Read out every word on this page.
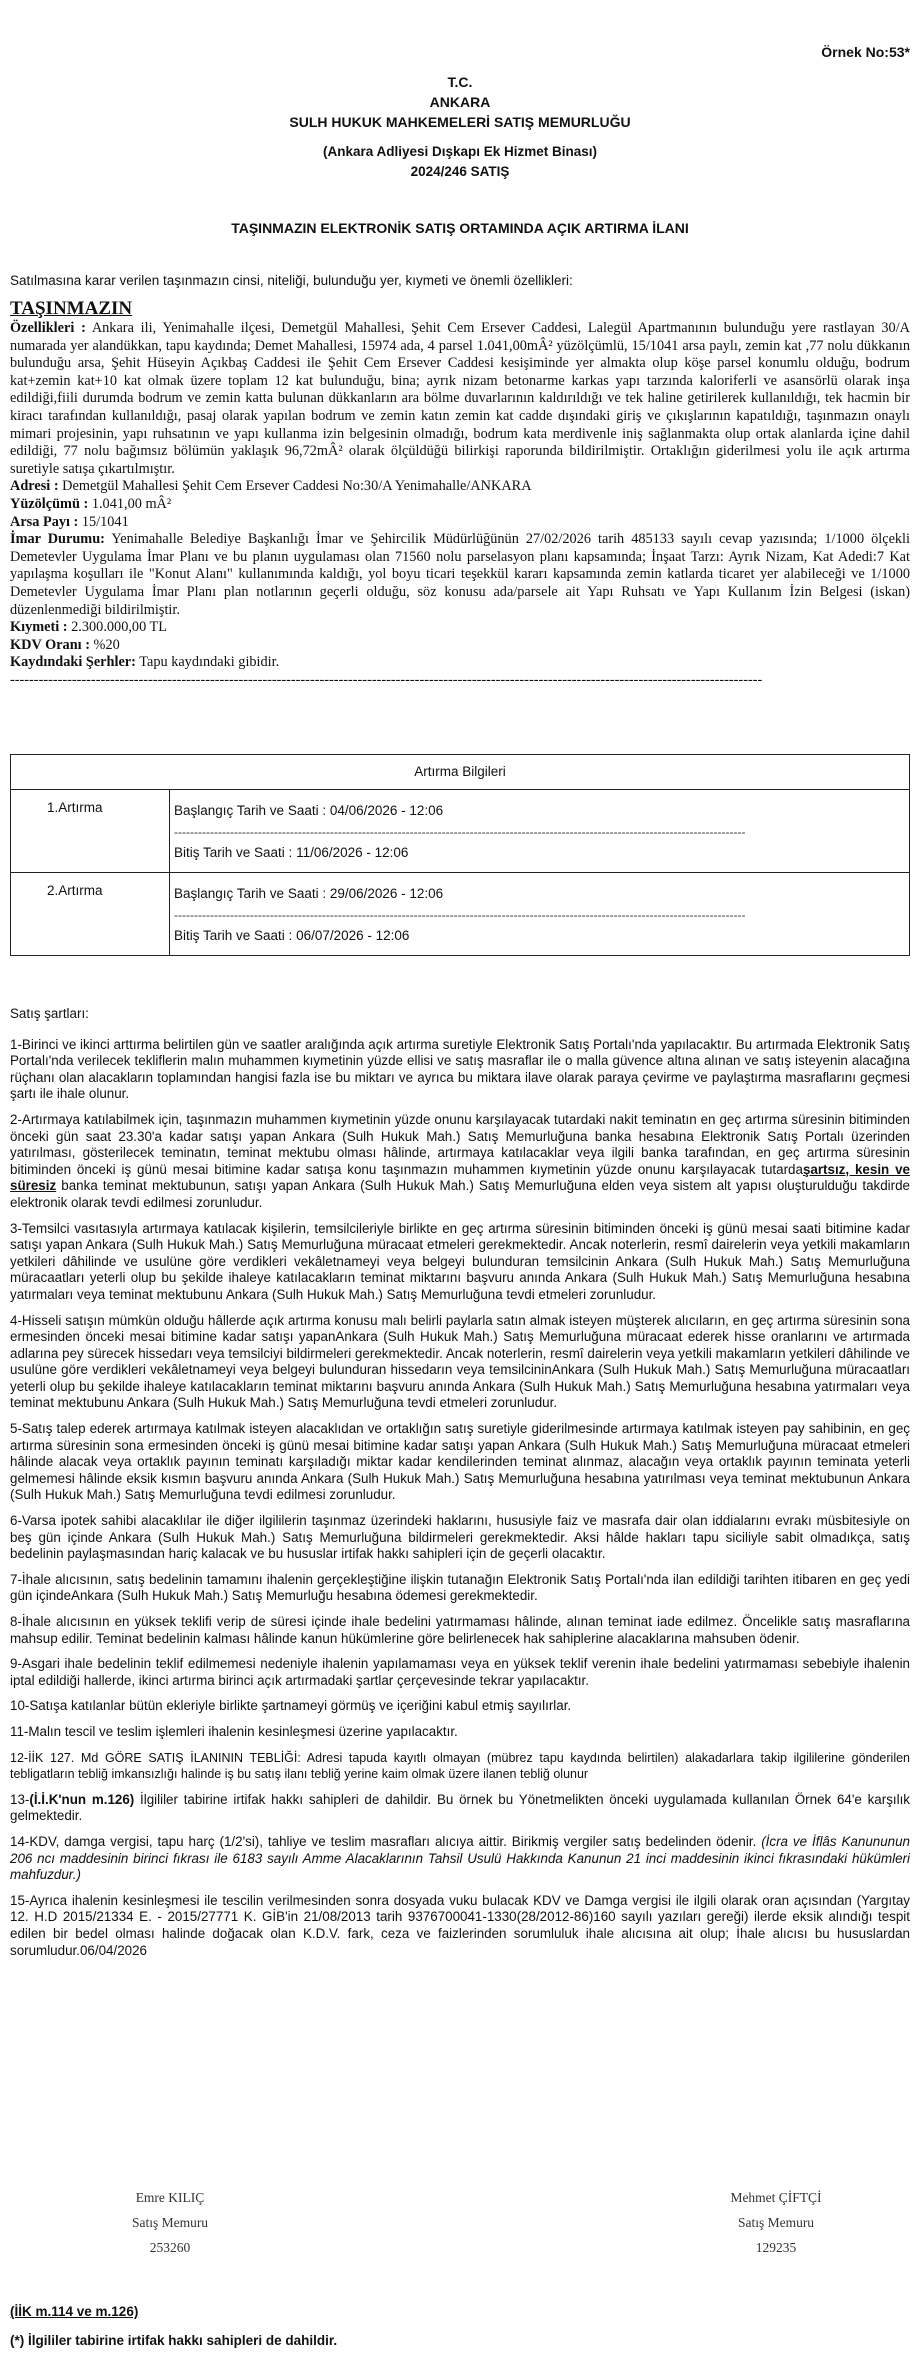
Örnek No:53*
T.C.
ANKARA
SULH HUKUK MAHKEMELERİ SATIŞ MEMURLUĞU
(Ankara Adliyesi Dışkapı Ek Hizmet Binası)
2024/246 SATIŞ
TAŞINMAZIN ELEKTRONİK SATIŞ ORTAMINDA AÇIK ARTIRMA İLANI
Satılmasına karar verilen taşınmazın cinsi, niteliği, bulunduğu yer, kıymeti ve önemli özellikleri:
TAŞINMAZIN

Özellikleri : Ankara ili, Yenimahalle ilçesi, Demetgül Mahallesi, Şehit Cem Ersever Caddesi, Lalegül Apartmanının bulunduğu yere rastlayan 30/A numarada yer alandükkan, tapu kaydında; Demet Mahallesi, 15974 ada, 4 parsel 1.041,00mÂ² yüzölçümlü, 15/1041 arsa paylı, zemin kat ,77 nolu dükkanın bulunduğu arsa, Şehit Hüseyin Açıkbaş Caddesi ile Şehit Cem Ersever Caddesi kesişiminde yer almakta olup köşe parsel konumlu olduğu, bodrum kat+zemin kat+10 kat olmak üzere toplam 12 kat bulunduğu, bina; ayrık nizam betonarme karkas yapı tarzında kaloriferli ve asansörlü olarak inşa edildiği,fiili durumda bodrum ve zemin katta bulunan dükkanların ara bölme duvarlarının kaldırıldığı ve tek haline getirilerek kullanıldığı, tek hacmin bir kiracı tarafından kullanıldığı, pasaj olarak yapılan bodrum ve zemin katın zemin kat cadde dışındaki giriş ve çıkışlarının kapatıldığı, taşınmazın onaylı mimari projesinin, yapı ruhsatının ve yapı kullanma izin belgesinin olmadığı, bodrum kata merdivenle iniş sağlanmakta olup ortak alanlarda içine dahil edildiği, 77 nolu bağımsız bölümün yaklaşık 96,72mÂ² olarak ölçüldüğü bilirkişi raporunda bildirilmiştir. Ortaklığın giderilmesi yolu ile açık artırma suretiyle satışa çıkartılmıştır.

Adresi : Demetgül Mahallesi Şehit Cem Ersever Caddesi No:30/A Yenimahalle/ANKARA

Yüzölçümü : 1.041,00 mÂ²

Arsa Payı : 15/1041

İmar Durumu: Yenimahalle Belediye Başkanlığı İmar ve Şehircilik Müdürlüğünün 27/02/2026 tarih 485133 sayılı cevap yazısında; 1/1000 ölçekli Demetevler Uygulama İmar Planı ve bu planın uygulaması olan 71560 nolu parselasyon planı kapsamında; İnşaat Tarzı: Ayrık Nizam, Kat Adedi:7 Kat yapılaşma koşulları ile "Konut Alanı" kullanımında kaldığı, yol boyu ticari teşekkül kararı kapsamında zemin katlarda ticaret yer alabileceği ve 1/1000 Demetevler Uygulama İmar Planı plan notlarının geçerli olduğu, söz konusu ada/parsele ait Yapı Ruhsatı ve Yapı Kullanım İzin Belgesi (iskan) düzenlenmediği bildirilmiştir.

Kıymeti : 2.300.000,00 TL

KDV Oranı : %20

Kaydındaki Şerhler: Tapu kaydındaki gibidir.

--------------------------------------------------------------------------------------------------------------------------------------------------------------

Artırma Bilgileri	
1.Artırma	Başlangıç Tarih ve Saati : 04/06/2026 - 12:06
-----------------------------------------------------------------------------------------------------------------------------------------------
Bitiş Tarih ve Saati : 11/06/2026 - 12:06

2.Artırma	Başlangıç Tarih ve Saati : 29/06/2026 - 12:06
-----------------------------------------------------------------------------------------------------------------------------------------------
Bitiş Tarih ve Saati : 06/07/2026 - 12:06

Satış şartları:

1-Birinci ve ikinci arttırma belirtilen gün ve saatler aralığında açık artırma suretiyle Elektronik Satış Portalı'nda yapılacaktır. Bu artırmada Elektronik Satış Portalı'nda verilecek tekliflerin malın muhammen kıymetinin yüzde ellisi ve satış masraflar ile o malla güvence altına alınan ve satış isteyenin alacağına rüçhanı olan alacakların toplamından hangisi fazla ise bu miktarı ve ayrıca bu miktara ilave olarak paraya çevirme ve paylaştırma masraflarını geçmesi şartı ile ihale olunur.

2-Artırmaya katılabilmek için, taşınmazın muhammen kıymetinin yüzde onunu karşılayacak tutardaki nakit teminatın en geç artırma süresinin bitiminden önceki gün saat 23.30'a kadar satışı yapan Ankara (Sulh Hukuk Mah.) Satış Memurluğuna banka hesabına Elektronik Satış Portalı üzerinden yatırılması, gösterilecek teminatın, teminat mektubu olması hâlinde, artırmaya katılacaklar veya ilgili banka tarafından, en geç artırma süresinin bitiminden önceki iş günü mesai bitimine kadar satışa konu taşınmazın muhammen kıymetinin yüzde onunu karşılayacak tutardaşartsız, kesin ve süresiz banka teminat mektubunun, satışı yapan Ankara (Sulh Hukuk Mah.) Satış Memurluğuna elden veya sistem alt yapısı oluşturulduğu takdirde elektronik olarak tevdi edilmesi zorunludur.

3-Temsilci vasıtasıyla artırmaya katılacak kişilerin, temsilcileriyle birlikte en geç artırma süresinin bitiminden önceki iş günü mesai saati bitimine kadar satışı yapan Ankara (Sulh Hukuk Mah.) Satış Memurluğuna müracaat etmeleri gerekmektedir. Ancak noterlerin, resmî dairelerin veya yetkili makamların yetkileri dâhilinde ve usulüne göre verdikleri vekâletnameyi veya belgeyi bulunduran temsilcinin Ankara (Sulh Hukuk Mah.) Satış Memurluğuna müracaatları yeterli olup bu şekilde ihaleye katılacakların teminat miktarını başvuru anında Ankara (Sulh Hukuk Mah.) Satış Memurluğuna hesabına yatırmaları veya teminat mektubunu Ankara (Sulh Hukuk Mah.) Satış Memurluğuna tevdi etmeleri zorunludur.

4-Hisseli satışın mümkün olduğu hâllerde açık artırma konusu malı belirli paylarla satın almak isteyen müşterek alıcıların, en geç artırma süresinin sona ermesinden önceki mesai bitimine kadar satışı yapanAnkara (Sulh Hukuk Mah.) Satış Memurluğuna müracaat ederek hisse oranlarını ve artırmada adlarına pey sürecek hissedarı veya temsilciyi bildirmeleri gerekmektedir. Ancak noterlerin, resmî dairelerin veya yetkili makamların yetkileri dâhilinde ve usulüne göre verdikleri vekâletnameyi veya belgeyi bulunduran hissedarın veya temsilcininAnkara (Sulh Hukuk Mah.) Satış Memurluğuna müracaatları yeterli olup bu şekilde ihaleye katılacakların teminat miktarını başvuru anında Ankara (Sulh Hukuk Mah.) Satış Memurluğuna hesabına yatırmaları veya teminat mektubunu Ankara (Sulh Hukuk Mah.) Satış Memurluğuna tevdi etmeleri zorunludur.

5-Satış talep ederek artırmaya katılmak isteyen alacaklıdan ve ortaklığın satış suretiyle giderilmesinde artırmaya katılmak isteyen pay sahibinin, en geç artırma süresinin sona ermesinden önceki iş günü mesai bitimine kadar satışı yapan Ankara (Sulh Hukuk Mah.) Satış Memurluğuna müracaat etmeleri hâlinde alacak veya ortaklık payının teminatı karşıladığı miktar kadar kendilerinden teminat alınmaz, alacağın veya ortaklık payının teminata yeterli gelmemesi hâlinde eksik kısmın başvuru anında Ankara (Sulh Hukuk Mah.) Satış Memurluğuna hesabına yatırılması veya teminat mektubunun Ankara (Sulh Hukuk Mah.) Satış Memurluğuna tevdi edilmesi zorunludur.

6-Varsa ipotek sahibi alacaklılar ile diğer ilgililerin taşınmaz üzerindeki haklarını, hususiyle faiz ve masrafa dair olan iddialarını evrakı müsbitesiyle on beş gün içinde Ankara (Sulh Hukuk Mah.) Satış Memurluğuna bildirmeleri gerekmektedir. Aksi hâlde hakları tapu siciliyle sabit olmadıkça, satış bedelinin paylaşmasından hariç kalacak ve bu hususlar irtifak hakkı sahipleri için de geçerli olacaktır.

7-İhale alıcısının, satış bedelinin tamamını ihalenin gerçekleştiğine ilişkin tutanağın Elektronik Satış Portalı'nda ilan edildiği tarihten itibaren en geç yedi gün içindeAnkara (Sulh Hukuk Mah.) Satış Memurluğu hesabına ödemesi gerekmektedir.

8-İhale alıcısının en yüksek teklifi verip de süresi içinde ihale bedelini yatırmaması hâlinde, alınan teminat iade edilmez. Öncelikle satış masraflarına mahsup edilir. Teminat bedelinin kalması hâlinde kanun hükümlerine göre belirlenecek hak sahiplerine alacaklarına mahsuben ödenir.

9-Asgari ihale bedelinin teklif edilmemesi nedeniyle ihalenin yapılamaması veya en yüksek teklif verenin ihale bedelini yatırmaması sebebiyle ihalenin iptal edildiği hallerde, ikinci artırma birinci açık artırmadaki şartlar çerçevesinde tekrar yapılacaktır.

10-Satışa katılanlar bütün ekleriyle birlikte şartnameyi görmüş ve içeriğini kabul etmiş sayılırlar.

11-Malın tescil ve teslim işlemleri ihalenin kesinleşmesi üzerine yapılacaktır.

12-İİK 127. Md GÖRE SATIŞ İLANININ TEBLİĞİ: Adresi tapuda kayıtlı olmayan (mübrez tapu kaydında belirtilen) alakadarlara takip ilgililerine gönderilen tebligatların tebliğ imkansızlığı halinde iş bu satış ilanı tebliğ yerine kaim olmak üzere ilanen tebliğ olunur

13-(İ.İ.K'nun m.126) İlgililer tabirine irtifak hakkı sahipleri de dahildir. Bu örnek bu Yönetmelikten önceki uygulamada kullanılan Örnek 64'e karşılık gelmektedir.

14-KDV, damga vergisi, tapu harç (1/2'si), tahliye ve teslim masrafları alıcıya aittir. Birikmiş vergiler satış bedelinden ödenir. (İcra ve İflâs Kanununun 206 ncı maddesinin birinci fıkrası ile 6183 sayılı Amme Alacaklarının Tahsil Usulü Hakkında Kanunun 21 inci maddesinin ikinci fıkrasındaki hükümleri mahfuzdur.)

15-Ayrıca ihalenin kesinleşmesi ile tescilin verilmesinden sonra dosyada vuku bulacak KDV ve Damga vergisi ile ilgili olarak oran açısından (Yargıtay 12. H.D 2015/21334 E. - 2015/27771 K. GİB'in 21/08/2013 tarih 9376700041-1330(28/2012-86)160 sayılı yazıları gereği) ilerde eksik alındığı tespit edilen bir bedel olması halinde doğacak olan K.D.V. fark, ceza ve faizlerinden sorumluluk ihale alıcısına ait olup; İhale alıcısı bu hususlardan sorumludur.06/04/2026

Emre KILIÇ
Satış Memuru
253260
Mehmet ÇİFTÇİ
Satış Memuru
129235
(İİK m.114 ve m.126)
(*) İlgililer tabirine irtifak hakkı sahipleri de dahildir.
